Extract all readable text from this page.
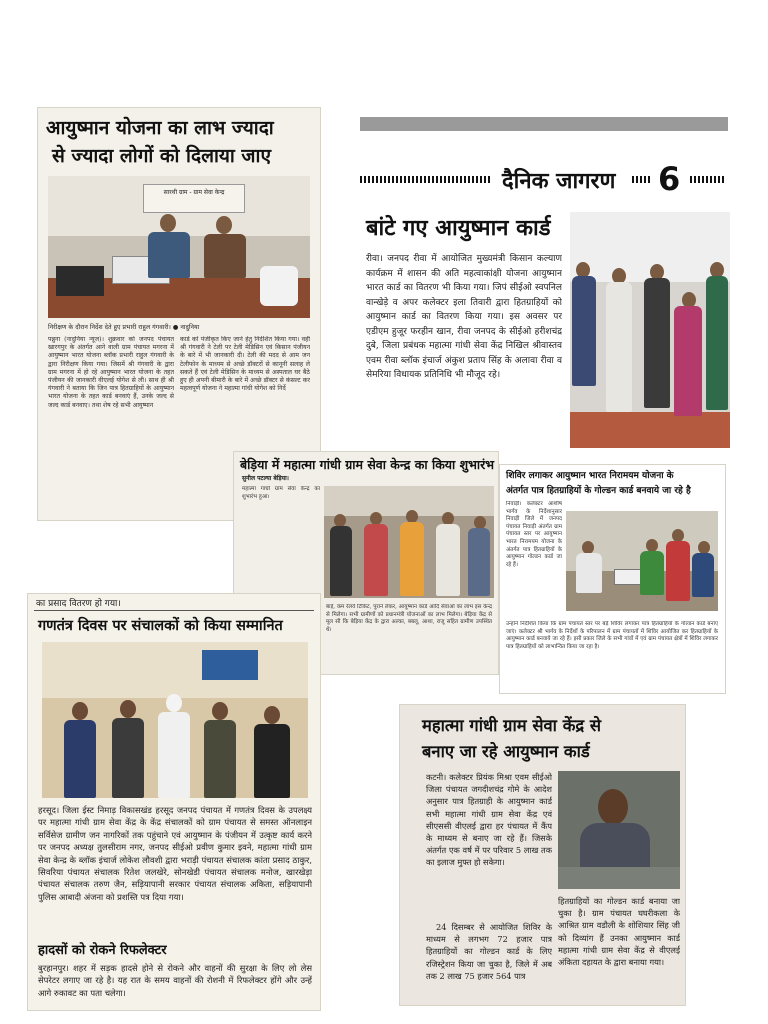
आयुष्मान योजना का लाभ ज्यादा
से ज्यादा लोगों को दिलाया जाए
सारथी ग्राम - ग्राम सेवा केन्द्र
निरीक्षण के दौरान निर्देश देते हुए प्रभारी राहुल गंगवारी। ● नादुनिया
पन्नुना (नादुनिया न्यूज)। शुक्रवार को जनपद पंचायत खारगपुर के अंतर्गत आने वाली ग्राम पंचायत मगरना में आयुष्मान भारत योजना ब्लॉक प्रभारी राहुल गंगवारी के द्वारा निरीक्षण किया गया। जिसमें श्री गंगवारी के द्वारा ग्राम मगरना में हो रहे आयुष्मान भारत योजना के तहत पंजीयन की जानकारी वीएलई योगेश से ली। साथ ही श्री गंगवारी ने बताया कि जिन पात्र हितग्राहियों के आयुष्मान भारत योजना के तहत कार्ड बनवाएं हैं, उनके जल्द से जल्द कार्ड बनवाए। तथा शेष रहे सभी आयुष्मान
कार्ड को पंजीकृत किए जाने हेतु निर्देशित किया गया। वहीं श्री गंगवारी ने टेली पर टेली मेडिसिन एवं किसान पंजीयन के बारे में भी जानकारी दी। टेली की मदद से आम जन टेलीफोन के माध्यम से अच्छे डॉक्टरों से कानूनी सलाह ले सकते हैं एवं टेली मेडिसिन के माध्यम से अस्पताल घर बैठे हुए ही अपनी बीमारी के बारे में अच्छे डॉक्टर से कंसल्ट कर महत्वपूर्ण योजना ने महात्मा गांधी योगेश को निर्दे
दैनिक जागरण 6
बांटे गए आयुष्मान कार्ड
रीवा। जनपद रीवा में आयोजित मुख्यमंत्री किसान कल्याण कार्यक्रम में शासन की अति महत्वाकांक्षी योजना आयुष्मान भारत कार्ड का वितरण भी किया गया। जिपं सीईओ स्वपनिल वान्खेड़े व अपर कलेक्टर इला तिवारी द्वारा हितग्राहियों को आयुष्मान कार्ड का वितरण किया गया। इस अवसर पर एडीएम हुजूर फरहीन खान, रीवा जनपद के सीईओ हरीशचंद्र दुबे, जिला प्रबंधक महात्मा गांधी सेवा केंद्र निखिल श्रीवास्तव एवम रीवा ब्लॉक इंचार्ज अंकुश प्रताप सिंह के अलावा रीवा व सेमरिया विधायक प्रतिनिधि भी मौजूद रहे।
बेड़िया में महात्मा गांधी ग्राम सेवा केन्द्र का किया शुभारंभ
सुनील पटल्या बेड़िया।
महात्मा गांधी ग्राम सेवा केन्द्र का शुभारंभ हुआ।
बाई, कम रेलवे टिकिट, पुराने लेकर, आयुष्मान कार्ड आदि सेवाओं का लाभ इस केन्द्र से मिलेगा। सभी ग्रामीणों को प्रधानमंत्री योजनाओं का लाभ मिलेगा। बेड़िया केंद्र से मूल सी कि बेड़िया केंद्र के द्वारा अल्का, बबलू, आशा, राजू सहित ग्रामीण उपस्थित थे।
शिविर लगाकर आयुष्मान भारत निरामयम योजना के
अंतर्गत पात्र हितग्राहियों के गोल्डन कार्ड बनवाये जा रहे है
निवाड़ी। कलेक्टर आशीष भार्गव के निर्देशानुसार निवाड़ी जिले में जनपद पंचायत निवाड़ी अंतर्गत ग्राम पंचायत स्तर पर आयुष्मान भारत निरामयम योजना के अंतर्गत पात्र हितग्राहियों के आयुष्मान गोल्डन कार्ड जा रहे हैं।
उन्होंने निर्देशित किया कि ग्राम पंचायत स्तर पर बड़े शिविर लगाकर पात्र हितग्राहियों के गोल्डन कार्ड बनाए जाएं। कलेक्टर श्री भार्गव के निर्देशों के परिपालन में ग्राम पंचायतों में शिविर आयोजित कर हितग्राहियों के आयुष्मान कार्ड बनवाये जा रहे हैं। इसी प्रकार जिले के सभी गांवों में एवं ग्राम पंचायत क्षेत्रों में शिविर लगाकर पात्र हितग्राहियों को लाभान्वित किया जा रहा है।
का प्रसाद वितरण हो गया।
गणतंत्र दिवस पर संचालकों को किया सम्मानित
हरसूद। जिला ईस्ट निमाड़ विकासखंड हरसूद जनपद पंचायत में गणतंत्र दिवस के उपलक्ष्य पर महात्मा गांधी ग्राम सेवा केंद्र के केंद्र संचालकों को ग्राम पंचायत से समस्त ऑनलाइन सर्विसेज ग्रामीण जन नागरिकों तक पहुंचाने एवं आयुष्मान के पंजीयन में उत्कृष्ट कार्य करने पर जनपद अध्यक्ष तुलसीराम नगर, जनपद सीईओ प्रवीण कुमार इवने, महात्मा गांधी ग्राम सेवा केन्द्र के ब्लॉक इंचार्ज लोकेश लौवशी द्वारा भराड़ी पंचायत संचालक कांता प्रसाद ठाकुर, सिवरिया पंचायत संचालक रितेश जलखेरे, सोनखेडी पंचायत संचालक मनोज, खारखेड़ा पंचायत संचालक तरुण जैन, सड़ियापानी सरकार पंचायत संचालक अकिता, सड़ियापानी पुलिस आबादी अंजना को प्रशस्ति पत्र दिया गया।
हादसों को रोकने रिफलेक्टर
बुरहानपुर। शहर में सड़क हादसे होने से रोकने और वाहनों की सुरक्षा के लिए लो लेस सेपरेटर लगाए जा रहे है। यह रात के समय वाहनों की रोशनी में रिफलेक्टर होंगे और उन्हें आगे रुकावट का पता चलेगा।
महात्मा गांधी ग्राम सेवा केंद्र से
बनाए जा रहे आयुष्मान कार्ड
कटनी। कलेक्टर प्रियंक मिश्रा एवम सीईओ जिला पंचायत जगदीशचंद्र गोमे के आदेश अनुसार पात्र हितग्राही के आयुष्मान कार्ड सभी महात्मा गांधी ग्राम सेवा केंद्र एवं सीएससी वीएलई द्वारा हर पंचायत में कैंप के माध्यम से बनाए जा रहे हैं। जिसके अंतर्गत एक वर्ष में पर परिवार 5 लाख तक का इलाज मुफ्त हो सकेगा।
24 दिसम्बर से आयोजित शिविर के माध्यम से लगभग 72 हजार पात्र हितग्राहियों का गोल्डन कार्ड के लिए रजिस्ट्रेशन किया जा चुका है, जिले में अब तक 2 लाख 75 हजार 564 पात्र
हितग्राहियों का गोल्डन कार्ड बनाया जा चुका है। ग्राम पंचायत घघरीकला के आश्रित ग्राम वडौली के शोशियार सिंह जी को दिव्यांग हैं उनका आयुष्मान कार्ड महात्मा गांधी ग्राम सेवा केंद्र से वीएलई अंकिता दहायत के द्वारा बनाया गया।
